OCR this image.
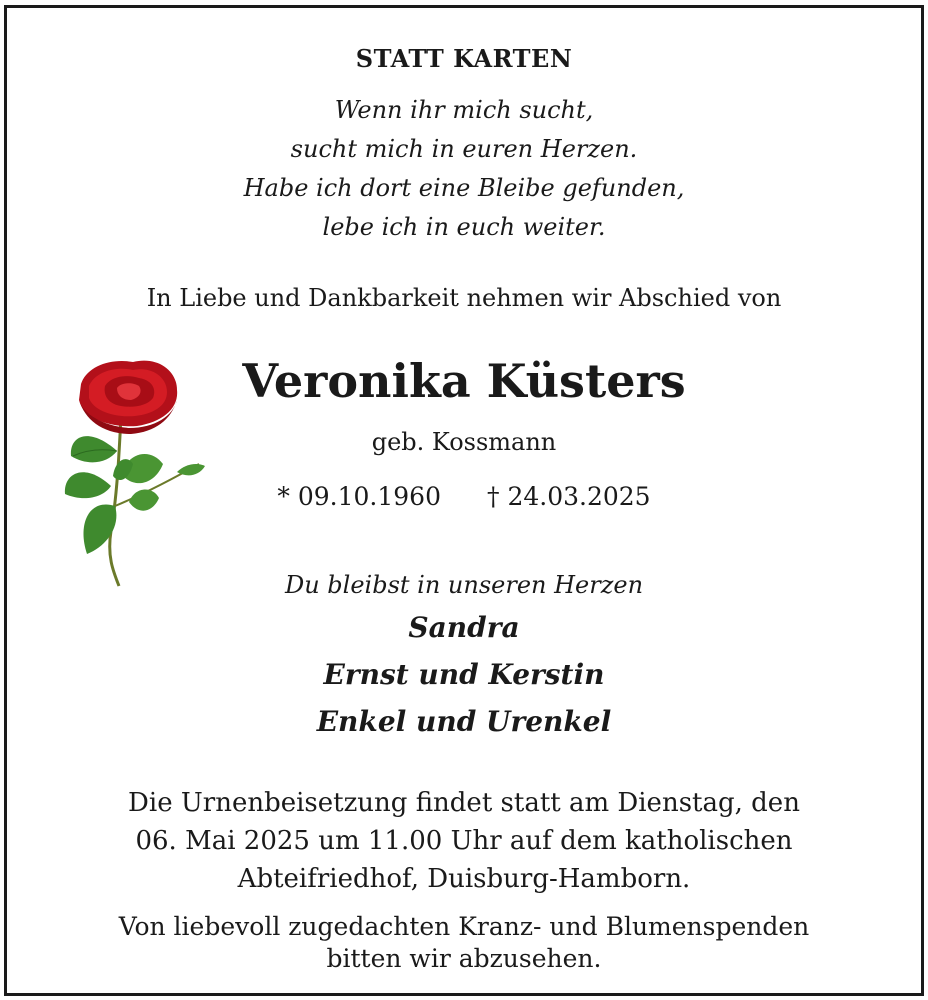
STATT KARTEN
Wenn ihr mich sucht,
sucht mich in euren Herzen.
Habe ich dort eine Bleibe gefunden,
lebe ich in euch weiter.
In Liebe und Dankbarkeit nehmen wir Abschied von
Veronika Küsters
geb. Kossmann
* 09.10.1960 † 24.03.2025
Du bleibst in unseren Herzen
Sandra
Ernst und Kerstin
Enkel und Urenkel
Die Urnenbeisetzung findet statt am Dienstag, den
06. Mai 2025 um 11.00 Uhr auf dem katholischen
Abteifriedhof, Duisburg-Hamborn.
Von liebevoll zugedachten Kranz- und Blumenspenden
bitten wir abzusehen.
